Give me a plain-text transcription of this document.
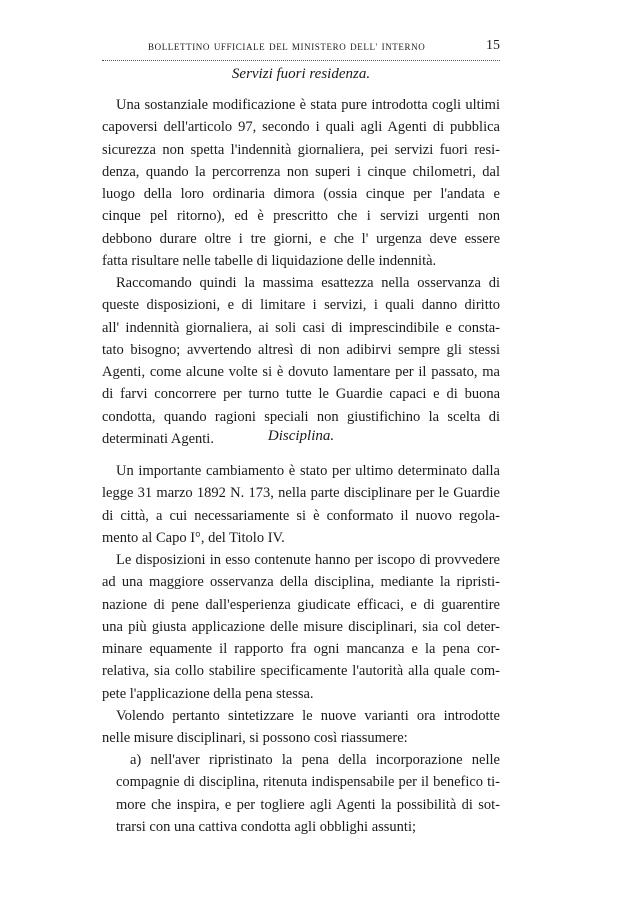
BOLLETTINO UFFICIALE DEL MINISTERO DELL' INTERNO	15
Servizi fuori residenza.
Una sostanziale modificazione è stata pure introdotta cogli ultimi
capoversi dell'articolo 97, secondo i quali agli Agenti di pubblica
sicurezza non spetta l'indennità giornaliera, pei servizi fuori resi-
denza, quando la percorrenza non superi i cinque chilometri, dal
luogo della loro ordinaria dimora (ossia cinque per l'andata e
cinque pel ritorno), ed è prescritto che i servizi urgenti non
debbono durare oltre i tre giorni, e che l' urgenza deve essere
fatta risultare nelle tabelle di liquidazione delle indennità.
Raccomando quindi la massima esattezza nella osservanza di
queste disposizioni, e di limitare i servizi, i quali danno diritto
all' indennità giornaliera, ai soli casi di imprescindibile e consta-
tato bisogno; avvertendo altresì di non adibirvi sempre gli stessi
Agenti, come alcune volte si è dovuto lamentare per il passato, ma
di farvi concorrere per turno tutte le Guardie capaci e di buona
condotta, quando ragioni speciali non giustifichino la scelta di
determinati Agenti.	Disciplina.
Un importante cambiamento è stato per ultimo determinato dalla
legge 31 marzo 1892 N. 173, nella parte disciplinare per le Guardie
di città, a cui necessariamente si è conformato il nuovo regola-
mento al Capo I°, del Titolo IV.
Le disposizioni in esso contenute hanno per iscopo di provvedere
ad una maggiore osservanza della disciplina, mediante la ripristi-
nazione di pene dall'esperienza giudicate efficaci, e di guarentire
una più giusta applicazione delle misure disciplinari, sia col deter-
minare equamente il rapporto fra ogni mancanza e la pena cor-
relativa, sia collo stabilire specificamente l'autorità alla quale com-
pete l'applicazione della pena stessa.
Volendo pertanto sintetizzare le nuove varianti ora introdotte
nelle misure disciplinari, si possono così riassumere:
a) nell'aver ripristinato la pena della incorporazione nelle
compagnie di disciplina, ritenuta indispensabile per il benefico ti-
more che inspira, e per togliere agli Agenti la possibilità di sot-
trarsi con una cattiva condotta agli obblighi assunti;
